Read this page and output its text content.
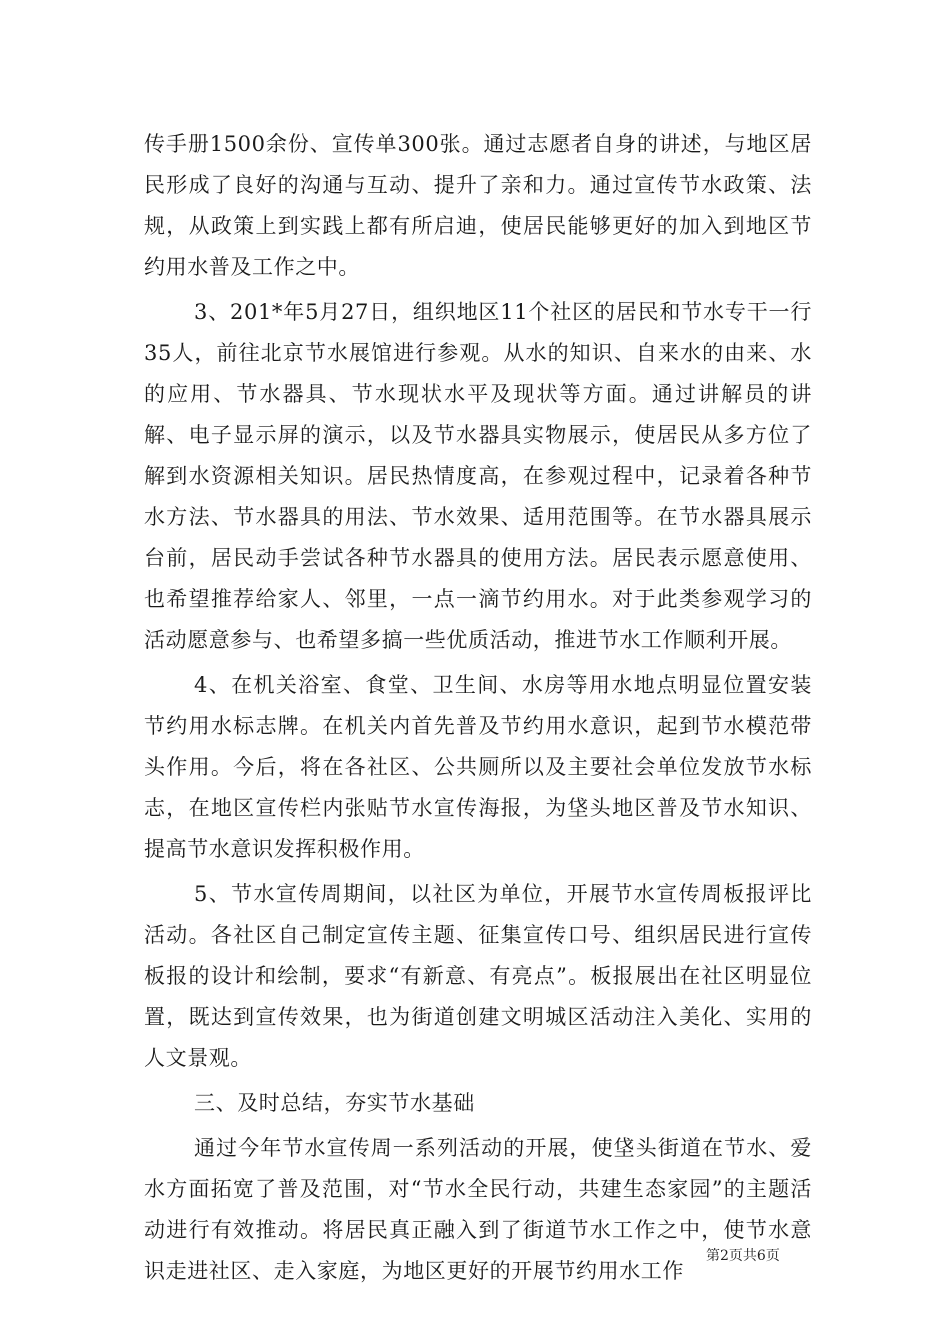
传手册1500余份、宣传单300张。通过志愿者自身的讲述，与地区居民形成了良好的沟通与互动、提升了亲和力。通过宣传节水政策、法规，从政策上到实践上都有所启迪，使居民能够更好的加入到地区节约用水普及工作之中。

3、201*年5月27日，组织地区11个社区的居民和节水专干一行35人，前往北京节水展馆进行参观。从水的知识、自来水的由来、水的应用、节水器具、节水现状水平及现状等方面。通过讲解员的讲解、电子显示屏的演示，以及节水器具实物展示，使居民从多方位了解到水资源相关知识。居民热情度高，在参观过程中，记录着各种节水方法、节水器具的用法、节水效果、适用范围等。在节水器具展示台前，居民动手尝试各种节水器具的使用方法。居民表示愿意使用、也希望推荐给家人、邻里，一点一滴节约用水。对于此类参观学习的活动愿意参与、也希望多搞一些优质活动，推进节水工作顺利开展。

4、在机关浴室、食堂、卫生间、水房等用水地点明显位置安装节约用水标志牌。在机关内首先普及节约用水意识，起到节水模范带头作用。今后，将在各社区、公共厕所以及主要社会单位发放节水标志，在地区宣传栏内张贴节水宣传海报，为垡头地区普及节水知识、提高节水意识发挥积极作用。

5、节水宣传周期间，以社区为单位，开展节水宣传周板报评比活动。各社区自己制定宣传主题、征集宣传口号、组织居民进行宣传板报的设计和绘制，要求“有新意、有亮点”。板报展出在社区明显位置，既达到宣传效果，也为街道创建文明城区活动注入美化、实用的人文景观。

三、及时总结，夯实节水基础

通过今年节水宣传周一系列活动的开展，使垡头街道在节水、爱水方面拓宽了普及范围，对“节水全民行动，共建生态家园”的主题活动进行有效推动。将居民真正融入到了街道节水工作之中，使节水意识走进社区、走入家庭，为地区更好的开展节约用水工作

第2页共6页
